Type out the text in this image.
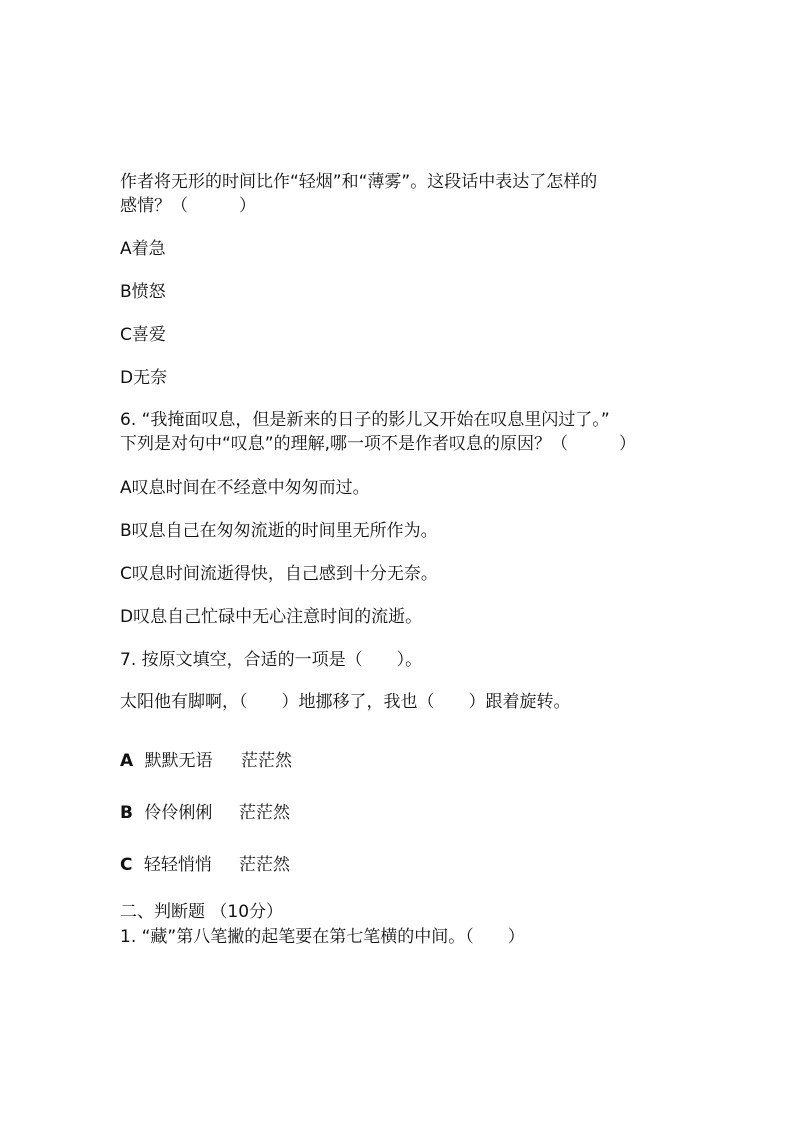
作者将无形的时间比作“轻烟”和“薄雾”。这段话中表达了怎样的
感情？（　　　）
A着急
B愤怒
C喜爱
D无奈
6. “我掩面叹息，但是新来的日子的影儿又开始在叹息里闪过了。”
下列是对句中“叹息”的理解,哪一项不是作者叹息的原因？（　　　）
A叹息时间在不经意中匆匆而过。
B叹息自己在匆匆流逝的时间里无所作为。
C叹息时间流逝得快，自己感到十分无奈。
D叹息自己忙碌中无心注意时间的流逝。
7. 按原文填空，合适的一项是（　　）。
太阳他有脚啊，（　　）地挪移了，我也（　　）跟着旋转。
A 默默无语 茫茫然
B 伶伶俐俐 茫茫然
C 轻轻悄悄 茫茫然
二、判断题 （10分）
1. “藏”第八笔撇的起笔要在第七笔横的中间。（　　）
